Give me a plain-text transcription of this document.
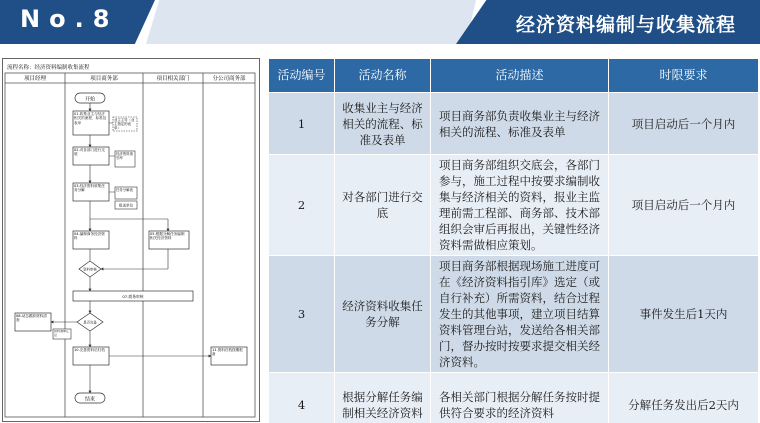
No.8	经济资料编制与收集流程
流程名称：经济资料编制收集流程
项目经理	项目商务部	项目相关部门	分公司商务部
开始
01.收集业主与经济相关的流程、标准及表单
业主主导（业主指定的表单）
02.对各部门进行交底	经济资料指引库
03.经济资料收集任务分解	任务分解表
报送单位
04.编制商务经济资料
05.根据分解任务编制相关经济资料
资料审核
07.商务审核
是否完备
08.动态跟踪资料清查
资料清单汇总
10.完善资料后归档	11.资料归档按期报备
结束
活动编号	活动名称	活动描述	时限要求
1	收集业主与经济相关的流程、标准及表单	项目商务部负责收集业主与经济相关的流程、标准及表单	项目启动后一个月内
2	对各部门进行交底	项目商务部组织交底会，各部门参与，施工过程中按要求编制收集与经济相关的资料，报业主监理前需工程部、商务部、技术部组织会审后再报出，关键性经济资料需做相应策划。	项目启动后一个月内
3	经济资料收集任务分解	项目商务部根据现场施工进度可在《经济资料指引库》选定（或自行补充）所需资料，结合过程发生的其他事项，建立项目结算资料管理台站，发送给各相关部门，督办按时按要求提交相关经济资料。	事件发生后1天内
4	根据分解任务编制相关经济资料	各相关部门根据分解任务按时提供符合要求的经济资料	分解任务发出后2天内
